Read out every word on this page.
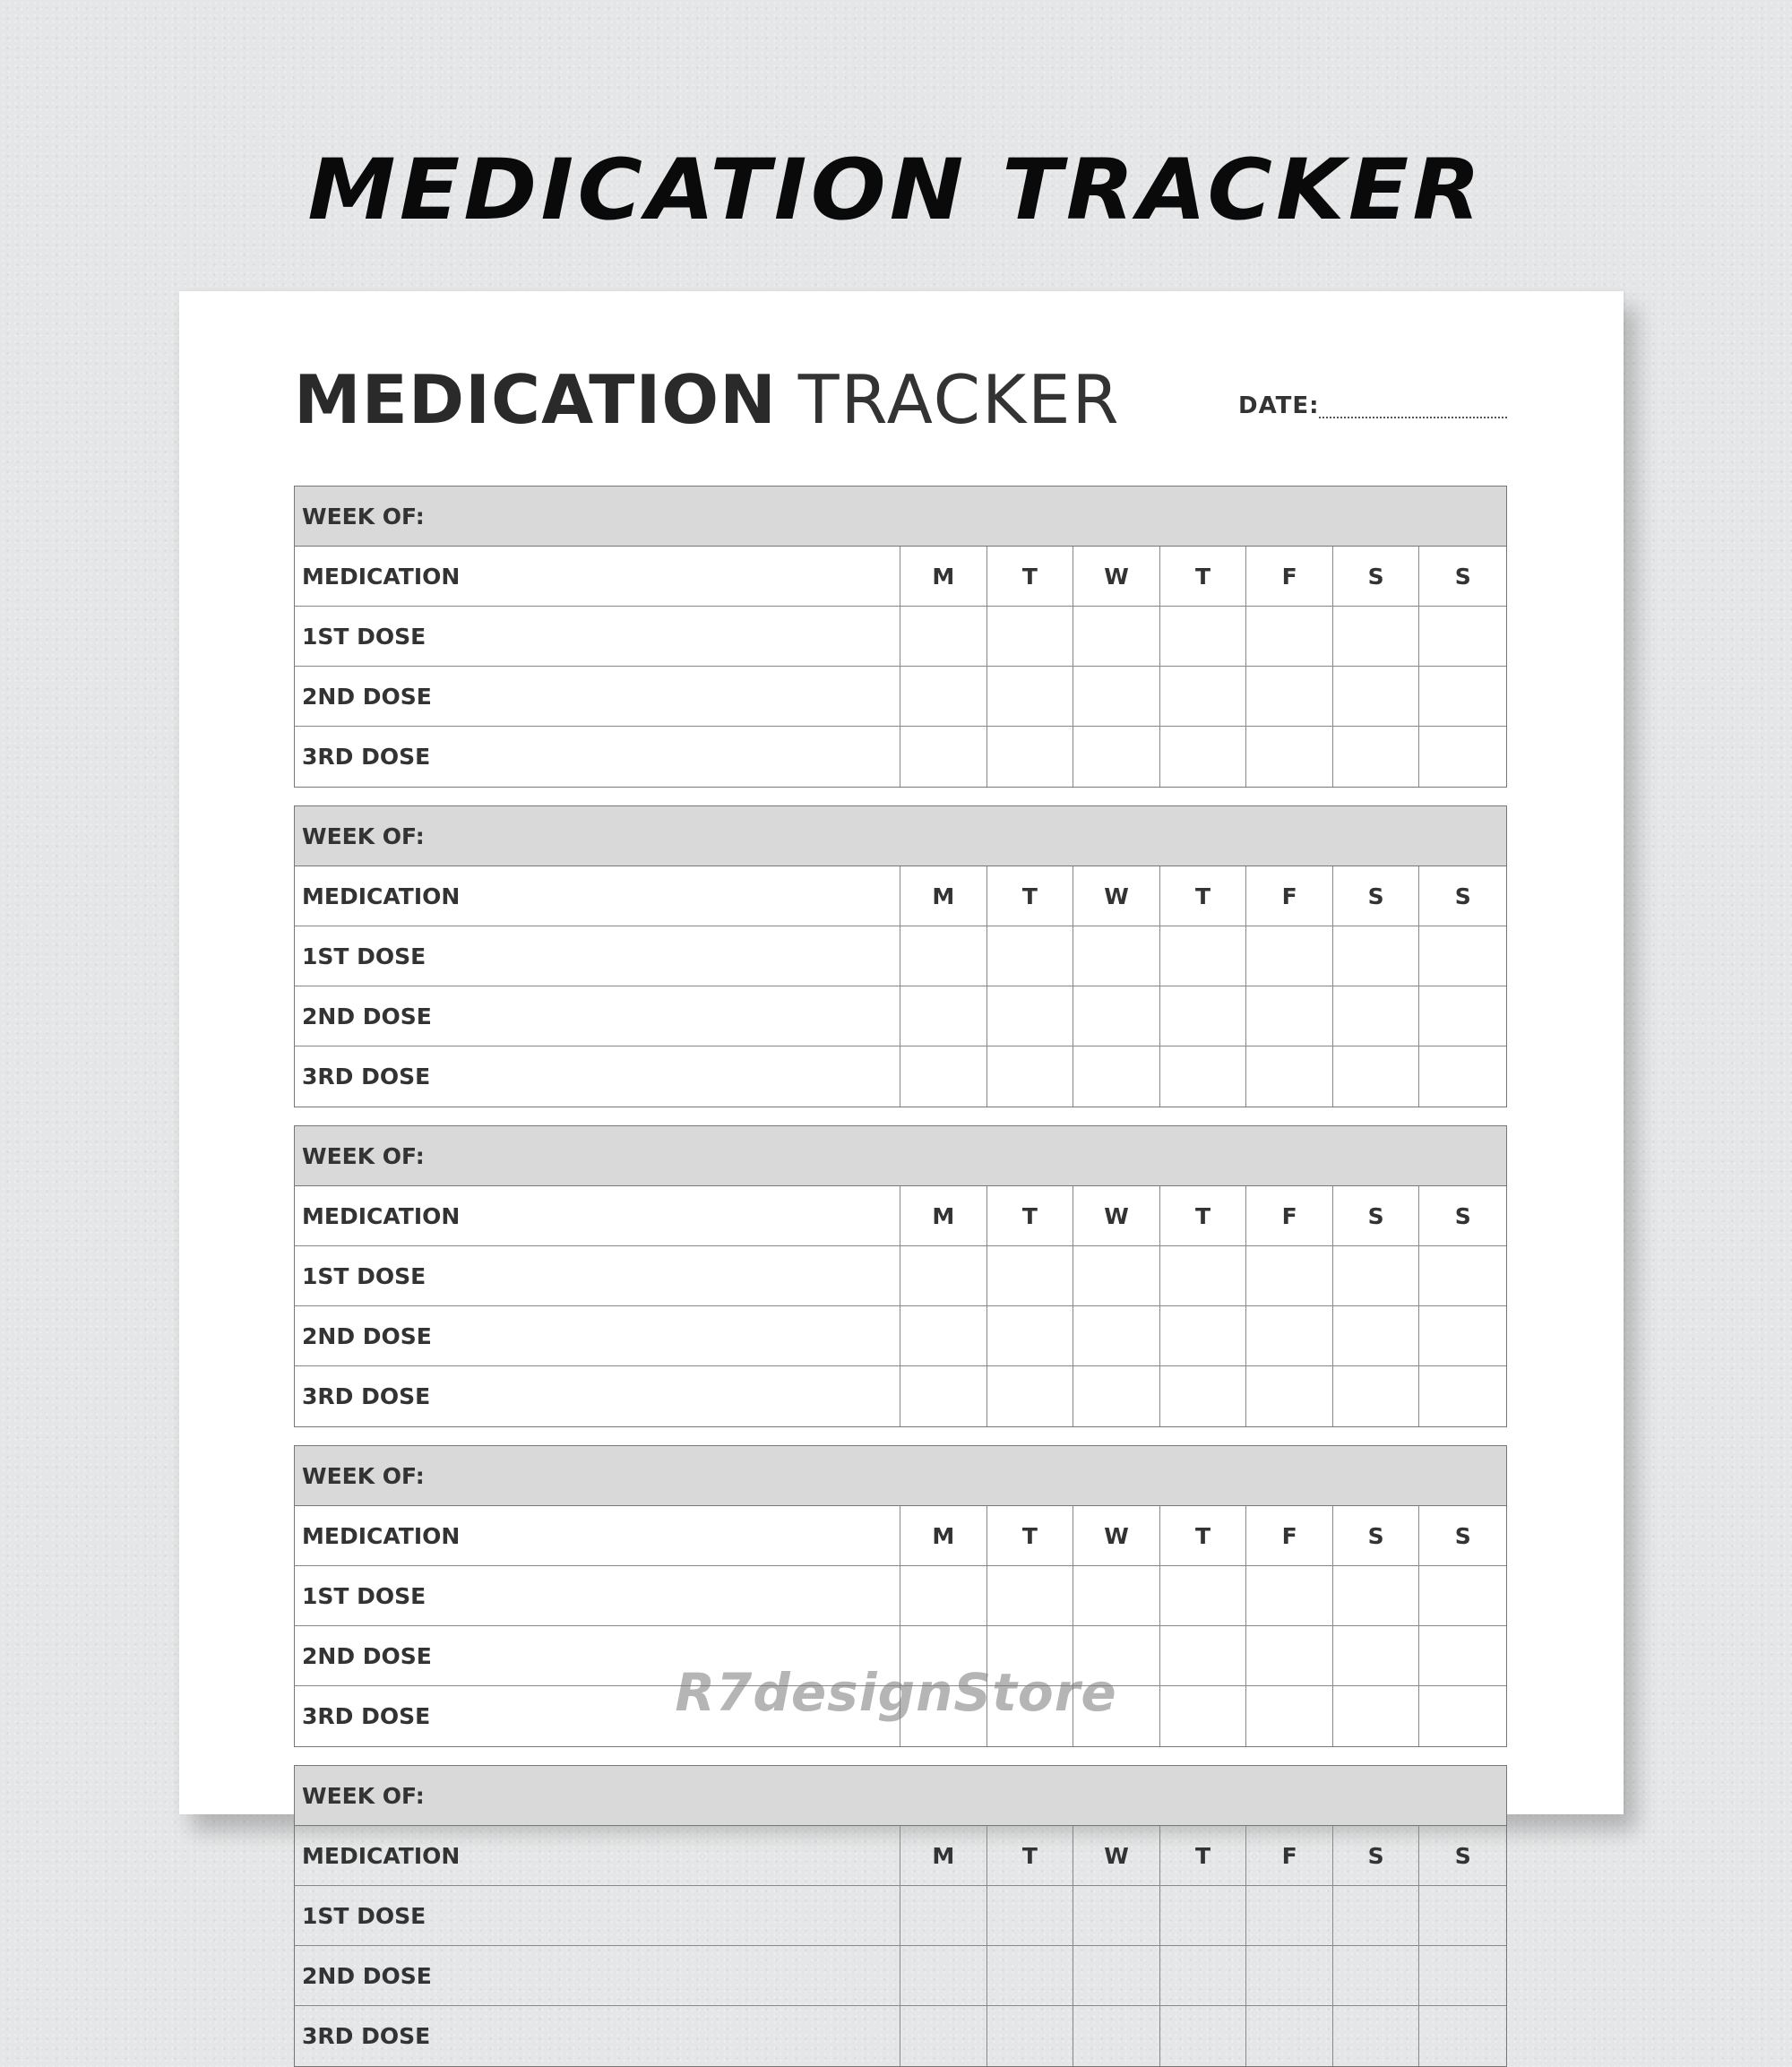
MEDICATION TRACKER
MEDICATION TRACKER	DATE:
WEEK OF:
MEDICATION	M	T	W	T	F	S	S
1ST DOSE
2ND DOSE
3RD DOSE
WEEK OF:
MEDICATION	M	T	W	T	F	S	S
1ST DOSE
2ND DOSE
3RD DOSE
WEEK OF:
MEDICATION	M	T	W	T	F	S	S
1ST DOSE
2ND DOSE
3RD DOSE
WEEK OF:
MEDICATION	M	T	W	T	F	S	S
1ST DOSE
2ND DOSE
3RD DOSE
WEEK OF:
MEDICATION	M	T	W	T	F	S	S
1ST DOSE
2ND DOSE
3RD DOSE
R7designStore
